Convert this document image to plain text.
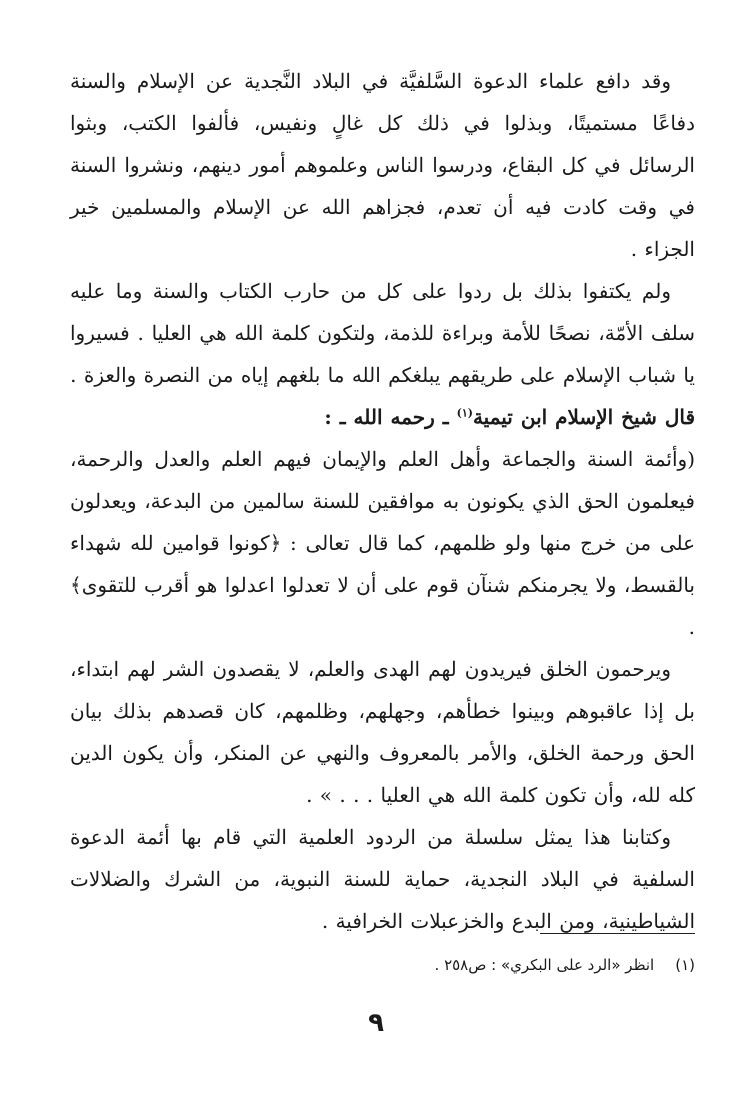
وقد دافع علماء الدعوة السَّلفيَّة في البلاد النَّجدية عن الإسلام والسنة دفاعًا مستميتًا، وبذلوا في ذلك كل غالٍ ونفيس، فألفوا الكتب، وبثوا الرسائل في كل البقاع، ودرسوا الناس وعلموهم أمور دينهم، ونشروا السنة في وقت كادت فيه أن تعدم، فجزاهم الله عن الإسلام والمسلمين خير الجزاء .

ولم يكتفوا بذلك بل ردوا على كل من حارب الكتاب والسنة وما عليه سلف الأمّة، نصحًا للأمة وبراءة للذمة، ولتكون كلمة الله هي العليا . فسيروا يا شباب الإسلام على طريقهم يبلغكم الله ما بلغهم إياه من النصرة والعزة .

قال شيخ الإسلام ابن تيمية$^{(١)}$ ـ رحمه الله ـ :

(وأئمة السنة والجماعة وأهل العلم والإيمان فيهم العلم والعدل والرحمة، فيعلمون الحق الذي يكونون به موافقين للسنة سالمين من البدعة، ويعدلون على من خرج منها ولو ظلمهم، كما قال تعالى : ﴿كونوا قوامين لله شهداء بالقسط، ولا يجرمنكم شنآن قوم على أن لا تعدلوا اعدلوا هو أقرب للتقوى﴾ .

ويرحمون الخلق فيريدون لهم الهدى والعلم، لا يقصدون الشر لهم ابتداء، بل إذا عاقبوهم وبينوا خطأهم، وجهلهم، وظلمهم، كان قصدهم بذلك بيان الحق ورحمة الخلق، والأمر بالمعروف والنهي عن المنكر، وأن يكون الدين كله لله، وأن تكون كلمة الله هي العليا . . . » .

وكتابنا هذا يمثل سلسلة من الردود العلمية التي قام بها أئمة الدعوة السلفية في البلاد النجدية، حماية للسنة النبوية، من الشرك والضلالات الشياطينية، ومن البدع والخزعبلات الخرافية .

(١) انظر «الرد على البكري» : ص٢٥٨ .
٩
